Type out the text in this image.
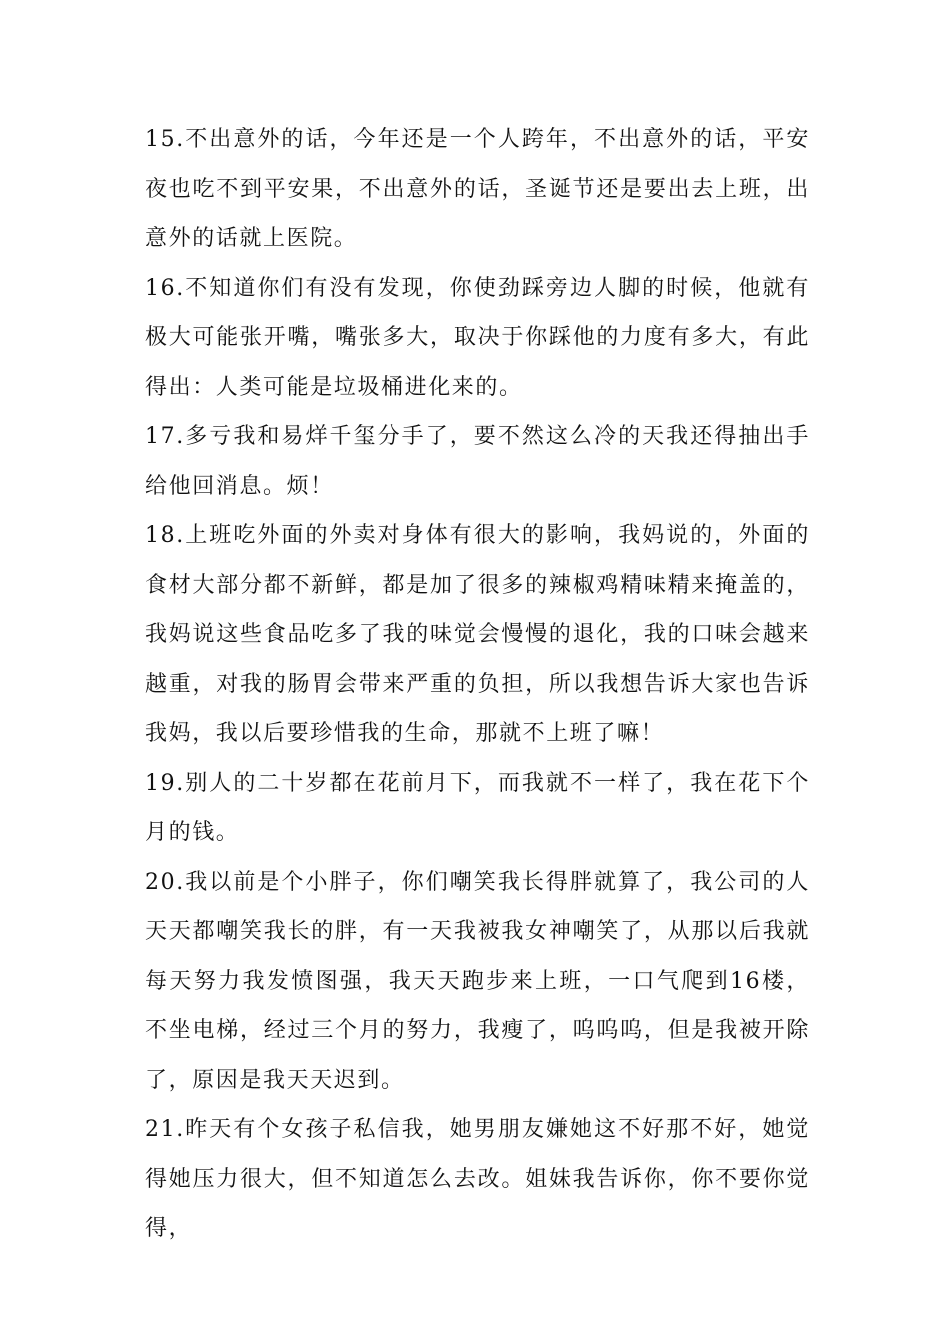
15.不出意外的话，今年还是一个人跨年，不出意外的话，平安夜也吃不到平安果，不出意外的话，圣诞节还是要出去上班，出意外的话就上医院。

16.不知道你们有没有发现，你使劲踩旁边人脚的时候，他就有极大可能张开嘴，嘴张多大，取决于你踩他的力度有多大，有此得出：人类可能是垃圾桶进化来的。

17.多亏我和易烊千玺分手了，要不然这么冷的天我还得抽出手给他回消息。烦！

18.上班吃外面的外卖对身体有很大的影响，我妈说的，外面的食材大部分都不新鲜，都是加了很多的辣椒鸡精味精来掩盖的，我妈说这些食品吃多了我的味觉会慢慢的退化，我的口味会越来越重，对我的肠胃会带来严重的负担，所以我想告诉大家也告诉我妈，我以后要珍惜我的生命，那就不上班了嘛！

19.别人的二十岁都在花前月下，而我就不一样了，我在花下个月的钱。

20.我以前是个小胖子，你们嘲笑我长得胖就算了，我公司的人天天都嘲笑我长的胖，有一天我被我女神嘲笑了，从那以后我就每天努力我发愤图强，我天天跑步来上班，一口气爬到16楼，不坐电梯，经过三个月的努力，我瘦了，呜呜呜，但是我被开除了，原因是我天天迟到。

21.昨天有个女孩子私信我，她男朋友嫌她这不好那不好，她觉得她压力很大，但不知道怎么去改。姐妹我告诉你，你不要你觉得，
